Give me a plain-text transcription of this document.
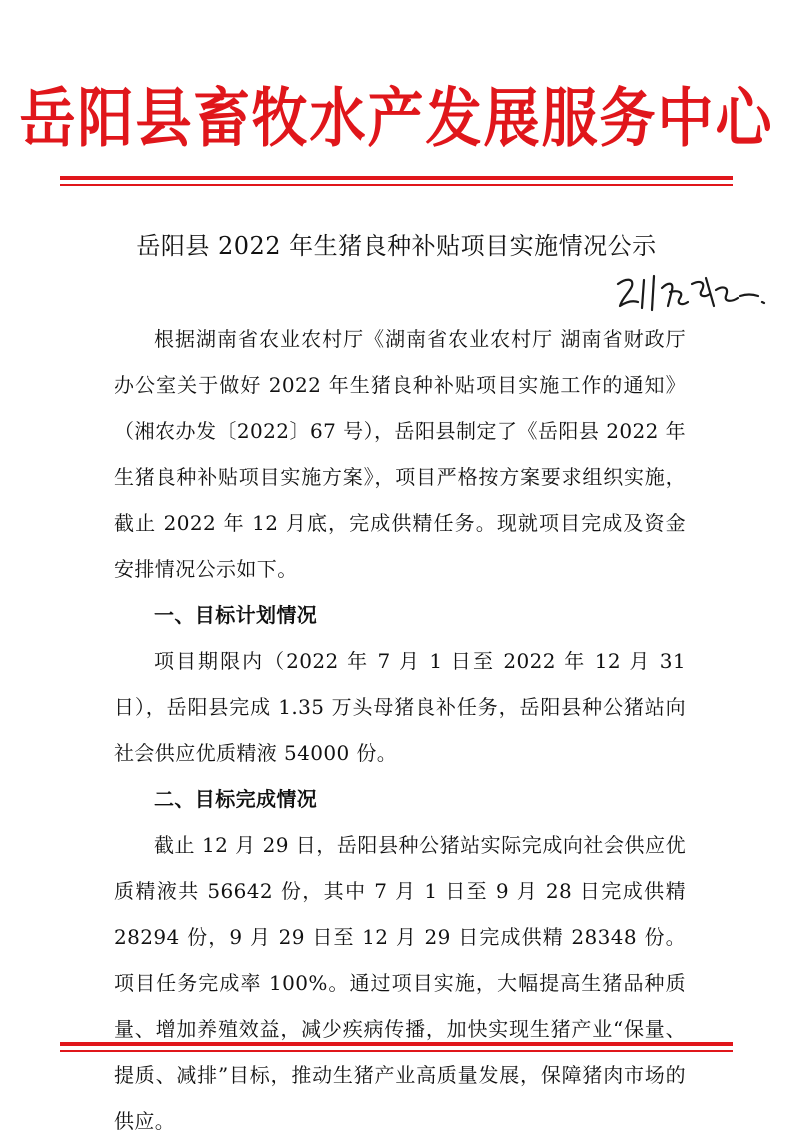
岳阳县畜牧水产发展服务中心
岳阳县 2022 年生猪良种补贴项目实施情况公示

根据湖南省农业农村厅《湖南省农业农村厅 湖南省财政厅办公室关于做好 2022 年生猪良种补贴项目实施工作的通知》（湘农办发〔2022〕67 号），岳阳县制定了《岳阳县 2022 年生猪良种补贴项目实施方案》，项目严格按方案要求组织实施，截止 2022 年 12 月底，完成供精任务。现就项目完成及资金安排情况公示如下。

一、目标计划情况

项目期限内（2022 年 7 月 1 日至 2022 年 12 月 31 日），岳阳县完成 1.35 万头母猪良补任务，岳阳县种公猪站向社会供应优质精液 54000 份。

二、目标完成情况

截止 12 月 29 日，岳阳县种公猪站实际完成向社会供应优质精液共 56642 份，其中 7 月 1 日至 9 月 28 日完成供精 28294 份，9 月 29 日至 12 月 29 日完成供精 28348 份。项目任务完成率 100%。通过项目实施，大幅提高生猪品种质量、增加养殖效益，减少疾病传播，加快实现生猪产业“保量、提质、减排”目标，推动生猪产业高质量发展，保障猪肉市场的供应。
